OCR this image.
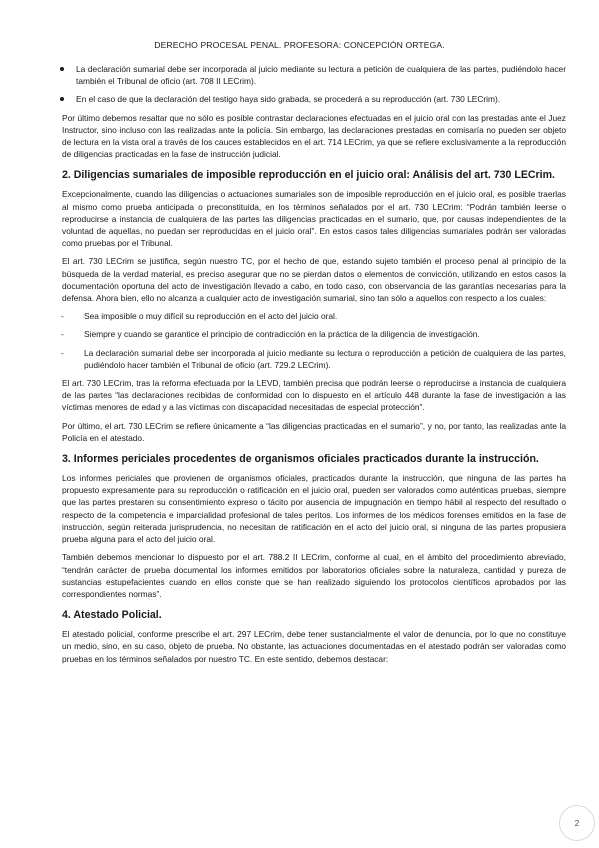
DERECHO PROCESAL PENAL. PROFESORA: CONCEPCIÓN ORTEGA.
La declaración sumarial debe ser incorporada al juicio mediante su lectura a petición de cualquiera de las partes, pudiéndolo hacer también el Tribunal de oficio (art. 708 II LECrim).
En el caso de que la declaración del testigo haya sido grabada, se procederá a su reproducción (art. 730 LECrim).

Por último debemos resaltar que no sólo es posible contrastar declaraciones efectuadas en el juicio oral con las prestadas ante el Juez Instructor, sino incluso con las realizadas ante la policía. Sin embargo, las declaraciones prestadas en comisaría no pueden ser objeto de lectura en la vista oral a través de los cauces establecidos en el art. 714 LECrim, ya que se refiere exclusivamente a la reproducción de diligencias practicadas en la fase de instrucción judicial.

2. Diligencias sumariales de imposible reproducción en el juicio oral: Análisis del art. 730 LECrim.

Excepcionalmente, cuando las diligencias o actuaciones sumariales son de imposible reproducción en el juicio oral, es posible traerlas al mismo como prueba anticipada o preconstituida, en los términos señalados por el art. 730 LECrim: “Podrán también leerse o reproducirse a instancia de cualquiera de las partes las diligencias practicadas en el sumario, que, por causas independientes de la voluntad de aquellas, no puedan ser reproducidas en el juicio oral”. En estos casos tales diligencias sumariales podrán ser valoradas como pruebas por el Tribunal.

El art. 730 LECrim se justifica, según nuestro TC, por el hecho de que, estando sujeto también el proceso penal al principio de la búsqueda de la verdad material, es preciso asegurar que no se pierdan datos o elementos de convicción, utilizando en estos casos la documentación oportuna del acto de investigación llevado a cabo, en todo caso, con observancia de las garantías necesarias para la defensa. Ahora bien, ello no alcanza a cualquier acto de investigación sumarial, sino tan sólo a aquellos con respecto a los cuales:

- Sea imposible o muy difícil su reproducción en el acto del juicio oral.
- Siempre y cuando se garantice el principio de contradicción en la práctica de la diligencia de investigación.
- La declaración sumarial debe ser incorporada al juicio mediante su lectura o reproducción a petición de cualquiera de las partes, pudiéndolo hacer también el Tribunal de oficio (art. 729.2 LECrim).

El art. 730 LECrim, tras la reforma efectuada por la LEVD, también precisa que podrán leerse o reproducirse a instancia de cualquiera de las partes “las declaraciones recibidas de conformidad con lo dispuesto en el artículo 448 durante la fase de investigación a las víctimas menores de edad y a las víctimas con discapacidad necesitadas de especial protección”.

Por último, el art. 730 LECrim se refiere únicamente a “las diligencias practicadas en el sumario”, y no, por tanto, las realizadas ante la Policía en el atestado.

3. Informes periciales procedentes de organismos oficiales practicados durante la instrucción.

Los informes periciales que provienen de organismos oficiales, practicados durante la instrucción, que ninguna de las partes ha propuesto expresamente para su reproducción o ratificación en el juicio oral, pueden ser valorados como auténticas pruebas, siempre que las partes prestaren su consentimiento expreso o tácito por ausencia de impugnación en tiempo hábil al respecto del resultado o respecto de la competencia e imparcialidad profesional de tales peritos. Los informes de los médicos forenses emitidos en la fase de instrucción, según reiterada jurisprudencia, no necesitan de ratificación en el acto del juicio oral, si ninguna de las partes propusiera prueba alguna para el acto del juicio oral.

También debemos mencionar lo dispuesto por el art. 788.2 II LECrim, conforme al cual, en el ámbito del procedimiento abreviado, “tendrán carácter de prueba documental los informes emitidos por laboratorios oficiales sobre la naturaleza, cantidad y pureza de sustancias estupefacientes cuando en ellos conste que se han realizado siguiendo los protocolos científicos aprobados por las correspondientes normas”.

4. Atestado Policial.

El atestado policial, conforme prescribe el art. 297 LECrim, debe tener sustancialmente el valor de denuncia, por lo que no constituye un medio, sino, en su caso, objeto de prueba. No obstante, las actuaciones documentadas en el atestado podrán ser valoradas como pruebas en los términos señalados por nuestro TC. En este sentido, debemos destacar:

2
